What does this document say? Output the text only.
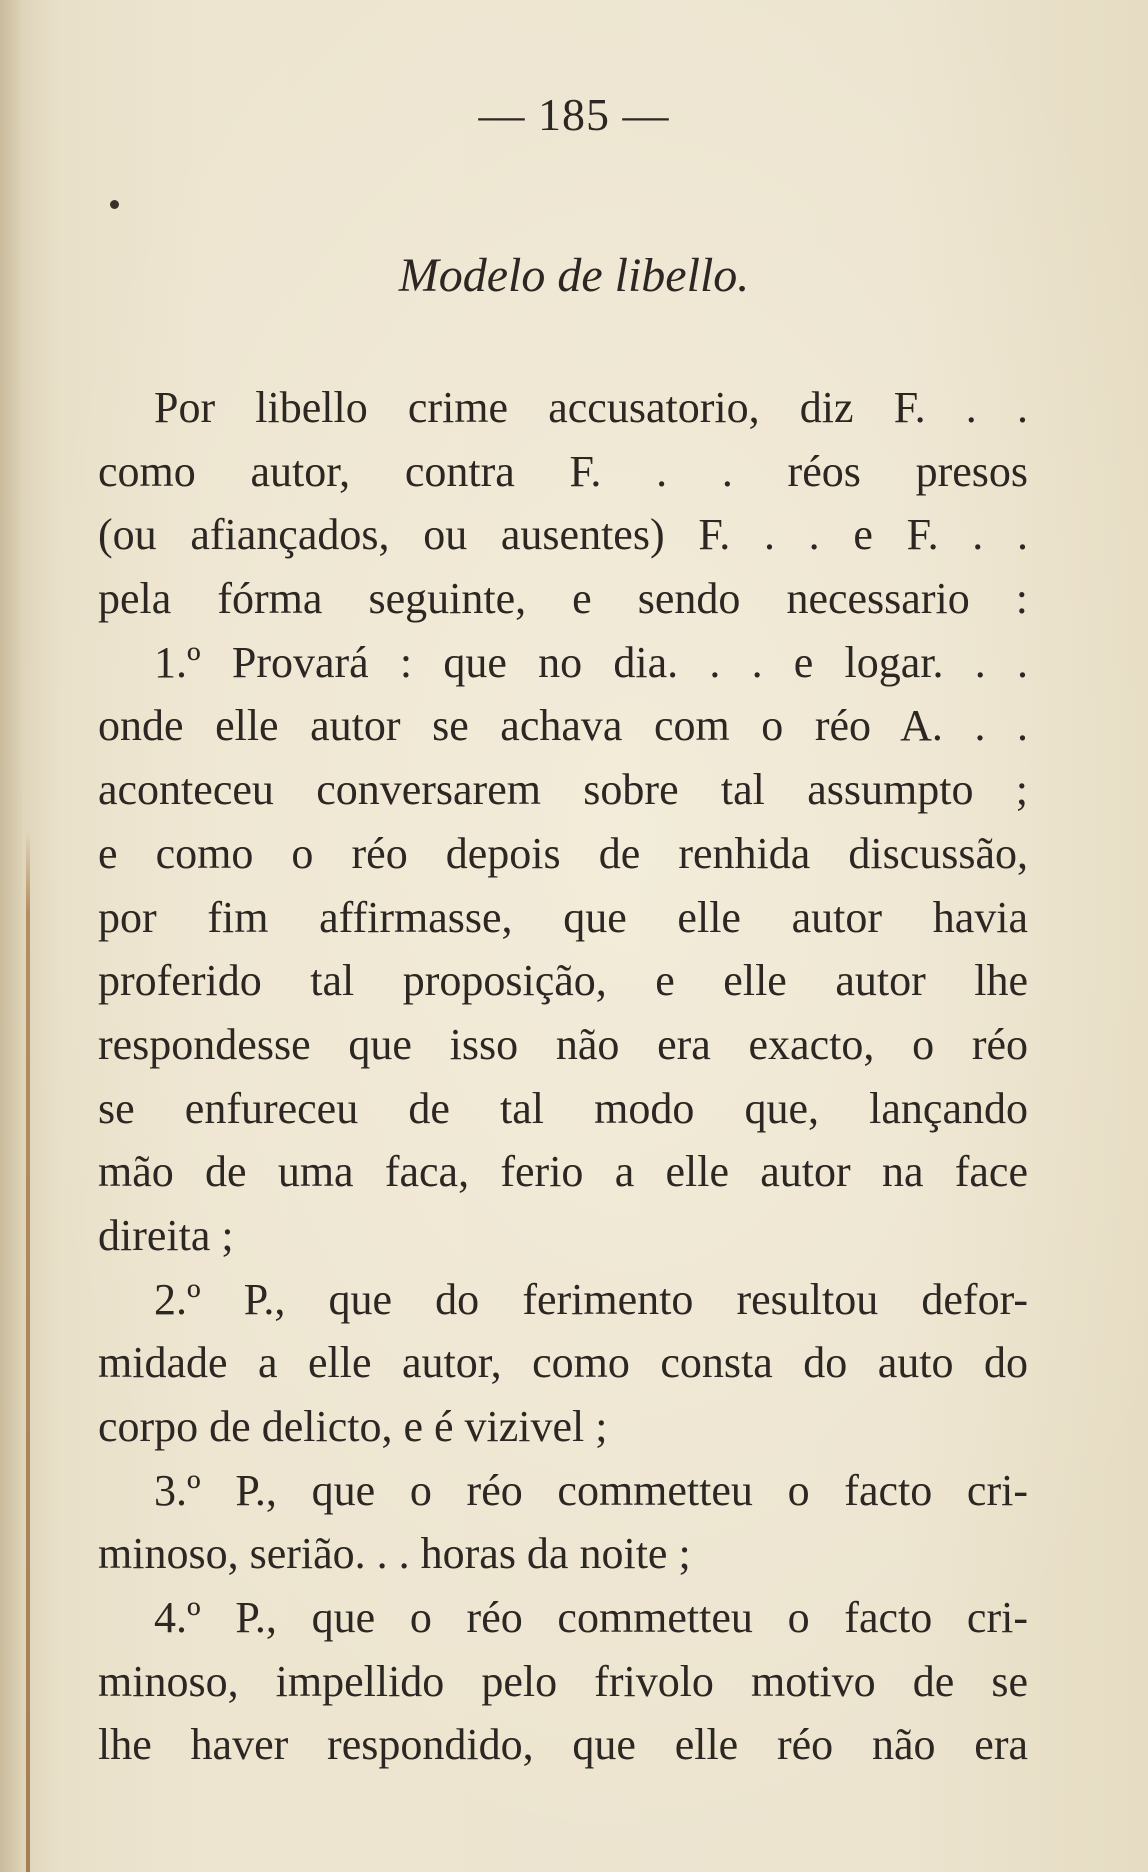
— 185 —
Modelo de libello.
Por libello crime accusatorio, diz F. . .
como autor, contra F. . . réos presos
(ou afiançados, ou ausentes) F. . . e F. . .
pela fórma seguinte, e sendo necessario :
1.º Provará : que no dia. . . e logar. . .
onde elle autor se achava com o réo A. . .
aconteceu conversarem sobre tal assumpto ;
e como o réo depois de renhida discussão,
por fim affirmasse, que elle autor havia
proferido tal proposição, e elle autor lhe
respondesse que isso não era exacto, o réo
se enfureceu de tal modo que, lançando
mão de uma faca, ferio a elle autor na face
direita ;
2.º P., que do ferimento resultou defor-
midade a elle autor, como consta do auto do
corpo de delicto, e é vizivel ;
3.º P., que o réo commetteu o facto cri-
minoso, serião. . . horas da noite ;
4.º P., que o réo commetteu o facto cri-
minoso, impellido pelo frivolo motivo de se
lhe haver respondido, que elle réo não era
